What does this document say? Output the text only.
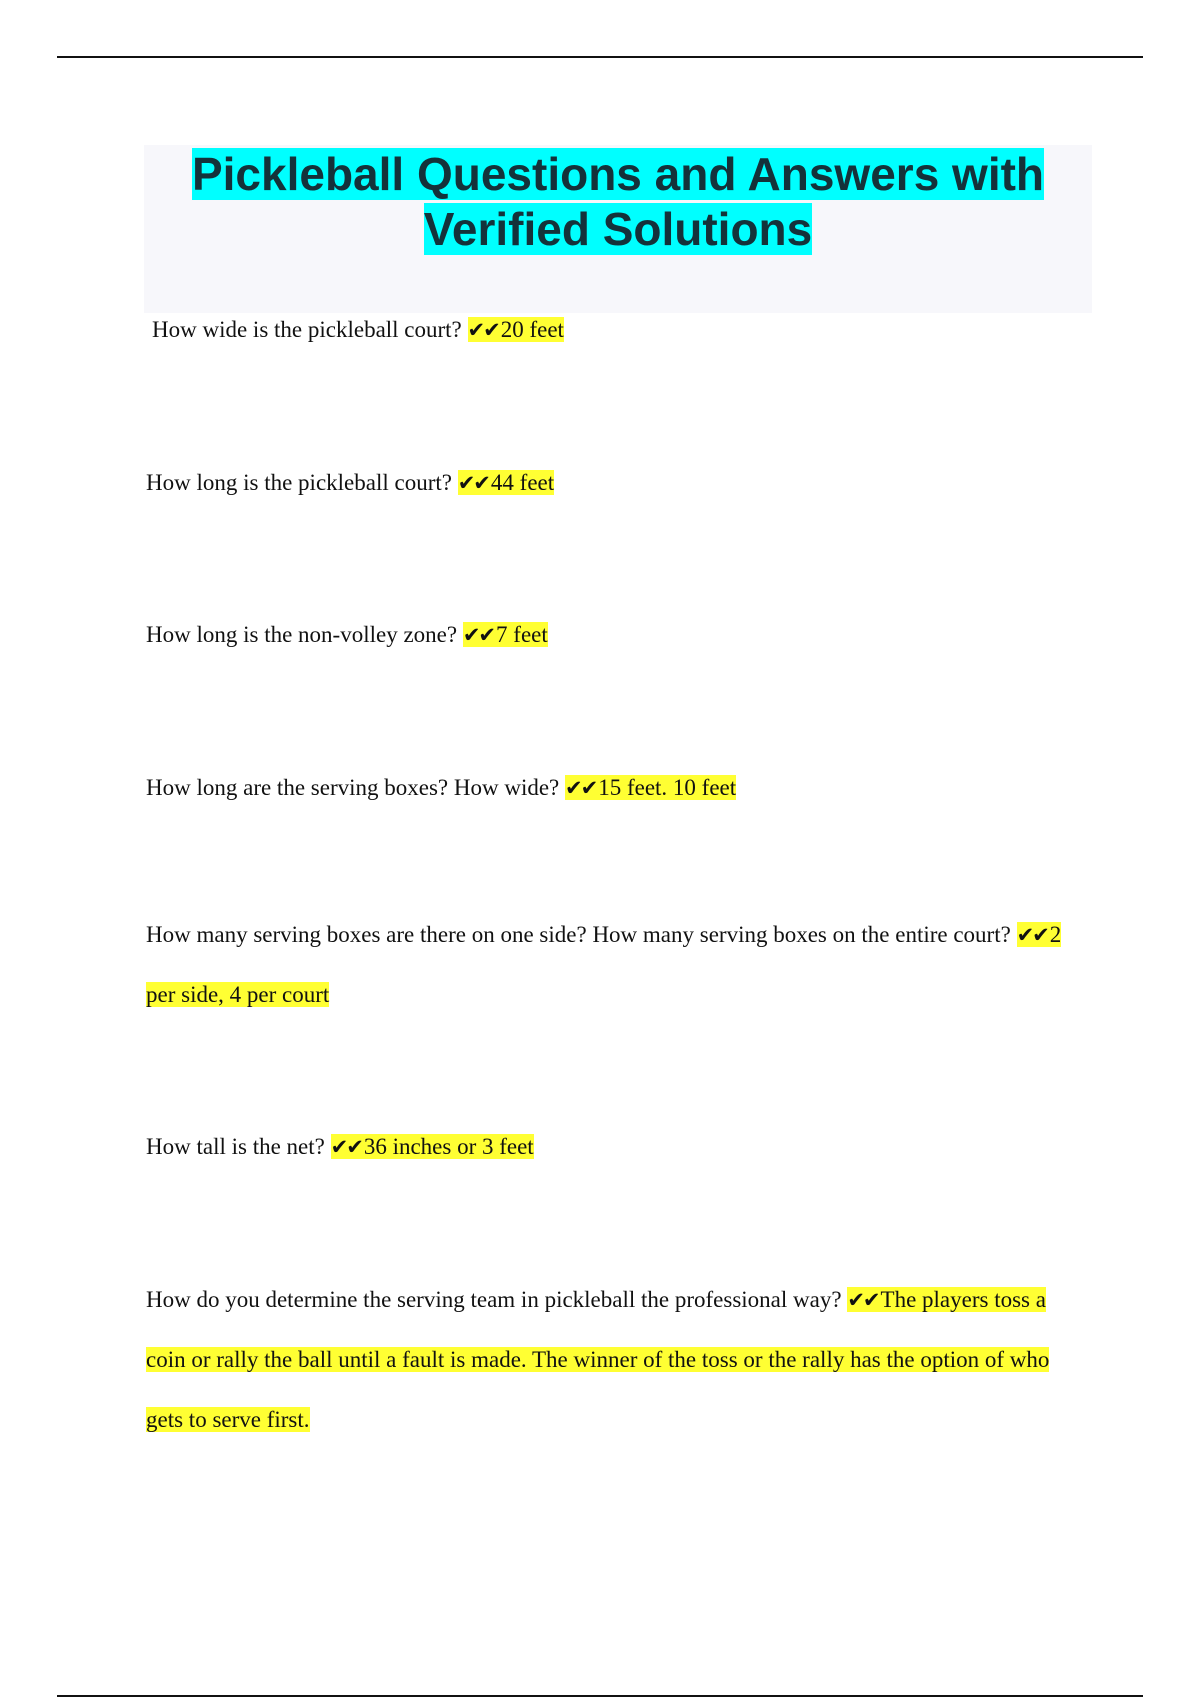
Pickleball Questions and Answers with Verified Solutions

How wide is the pickleball court? ✔✔20 feet

How long is the pickleball court? ✔✔44 feet

How long is the non-volley zone? ✔✔7 feet

How long are the serving boxes? How wide? ✔✔15 feet. 10 feet

How many serving boxes are there on one side? How many serving boxes on the entire court? ✔✔2 per side, 4 per court

How tall is the net? ✔✔36 inches or 3 feet

How do you determine the serving team in pickleball the professional way? ✔✔The players toss a coin or rally the ball until a fault is made. The winner of the toss or the rally has the option of who gets to serve first.
